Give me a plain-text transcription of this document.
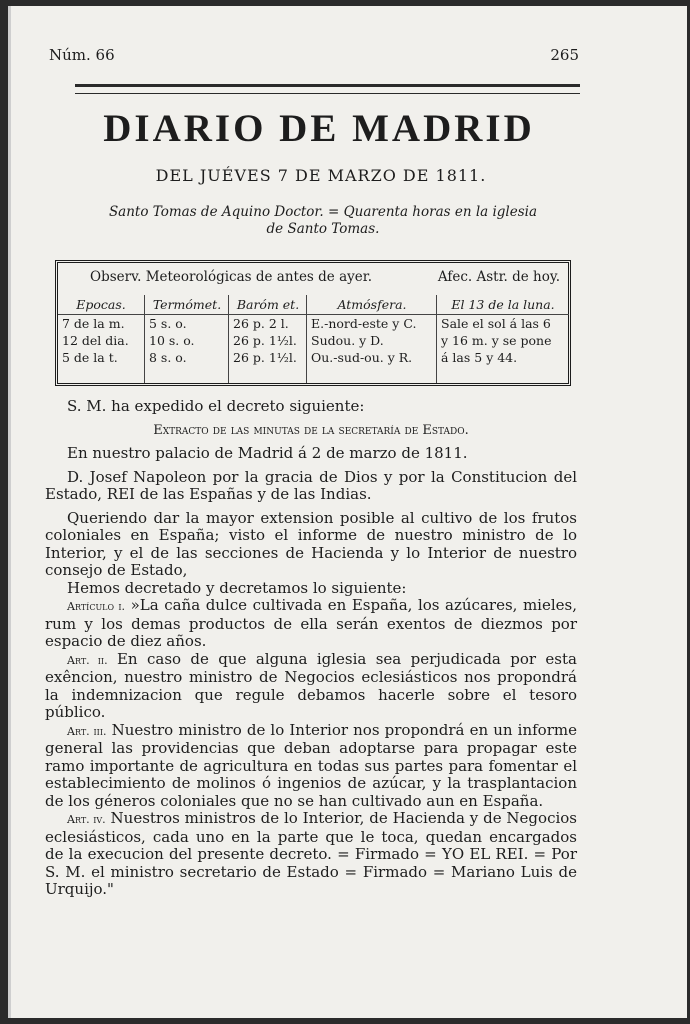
Núm. 66	265
DIARIO DE MADRID
DEL JUÉVES 7 DE MARZO DE 1811.
Santo Tomas de Aquino Doctor. = Quarenta horas en la iglesia
de Santo Tomas.
Observ. Meteorológicas de antes de ayer.	Afec. Astr. de hoy.
Epocas.
7 de la m.
12 del dia.
5 de la t.
Termómet.
5 s. o.
10 s. o.
8 s. o.
Baróm et.
26 p. 2 l.
26 p. 1½l.
26 p. 1½l.
Atmósfera.
E.-nord-este y C.
Sudou. y D.
Ou.-sud-ou. y R.
El 13 de la luna.
Sale el sol á las 6
y 16 m. y se pone
á las 5 y 44.

S. M. ha expedido el decreto siguiente:

Extracto de las minutas de la secretaría de Estado.

En nuestro palacio de Madrid á 2 de marzo de 1811.

D. Josef Napoleon por la gracia de Dios y por la Constitucion del Estado, REI de las Españas y de las Indias.

Queriendo dar la mayor extension posible al cultivo de los frutos coloniales en España; visto el informe de nuestro ministro de lo Interior, y el de las secciones de Hacienda y lo Interior de nuestro consejo de Estado,

Hemos decretado y decretamos lo siguiente:

Artículo i. »La caña dulce cultivada en España, los azúcares, mieles, rum y los demas productos de ella serán exentos de diezmos por espacio de diez años.

Art. ii. En caso de que alguna iglesia sea perjudicada por esta exêncion, nuestro ministro de Negocios eclesiásticos nos propondrá la indemnizacion que regule debamos hacerle sobre el tesoro público.

Art. iii. Nuestro ministro de lo Interior nos propondrá en un informe general las providencias que deban adoptarse para propagar este ramo importante de agricultura en todas sus partes para fomentar el establecimiento de molinos ó ingenios de azúcar, y la trasplantacion de los géneros coloniales que no se han cultivado aun en España.

Art. iv. Nuestros ministros de lo Interior, de Hacienda y de Negocios eclesiásticos, cada uno en la parte que le toca, quedan encargados de la execucion del presente decreto. = Firmado = YO EL REI. = Por S. M. el ministro secretario de Estado = Firmado = Mariano Luis de Urquijo."
